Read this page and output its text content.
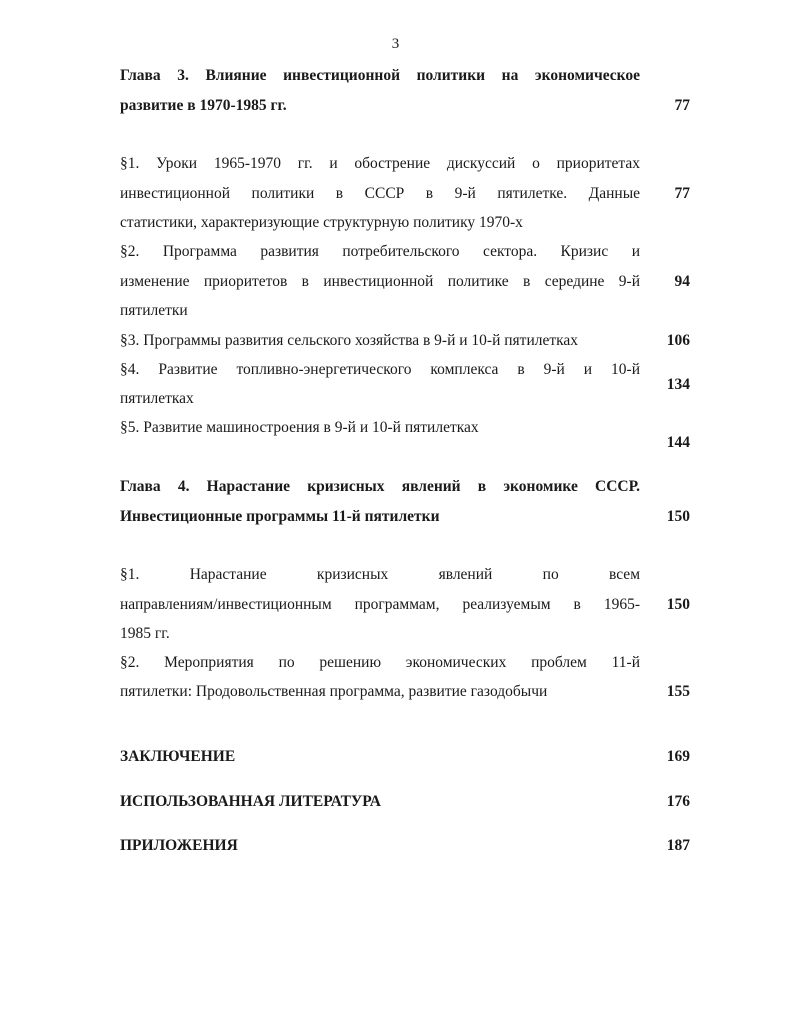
3
Глава 3. Влияние инвестиционной политики на экономическое
развитие в 1970-1985 гг.	77
§1. Уроки 1965-1970 гг. и обострение дискуссий о приоритетах
инвестиционной политики в СССР в 9-й пятилетке. Данные
статистики, характеризующие структурную политику 1970-х
77
§2. Программа развития потребительского сектора. Кризис и
изменение приоритетов в инвестиционной политике в середине 9-й
пятилетки
94
§3. Программы развития сельского хозяйства в 9-й и 10-й пятилетках	106
§4. Развитие топливно-энергетического комплекса в 9-й и 10-й
пятилетках
134
§5. Развитие машиностроения в 9-й и 10-й пятилетках
144
Глава 4. Нарастание кризисных явлений в экономике СССР.
Инвестиционные программы 11-й пятилетки	150
§1. Нарастание кризисных явлений по всем
направлениям/инвестиционным программам, реализуемым в 1965-
1985 гг.
150
§2. Мероприятия по решению экономических проблем 11-й
пятилетки: Продовольственная программа, развитие газодобычи	155
ЗАКЛЮЧЕНИЕ	169
ИСПОЛЬЗОВАННАЯ ЛИТЕРАТУРА	176
ПРИЛОЖЕНИЯ	187
